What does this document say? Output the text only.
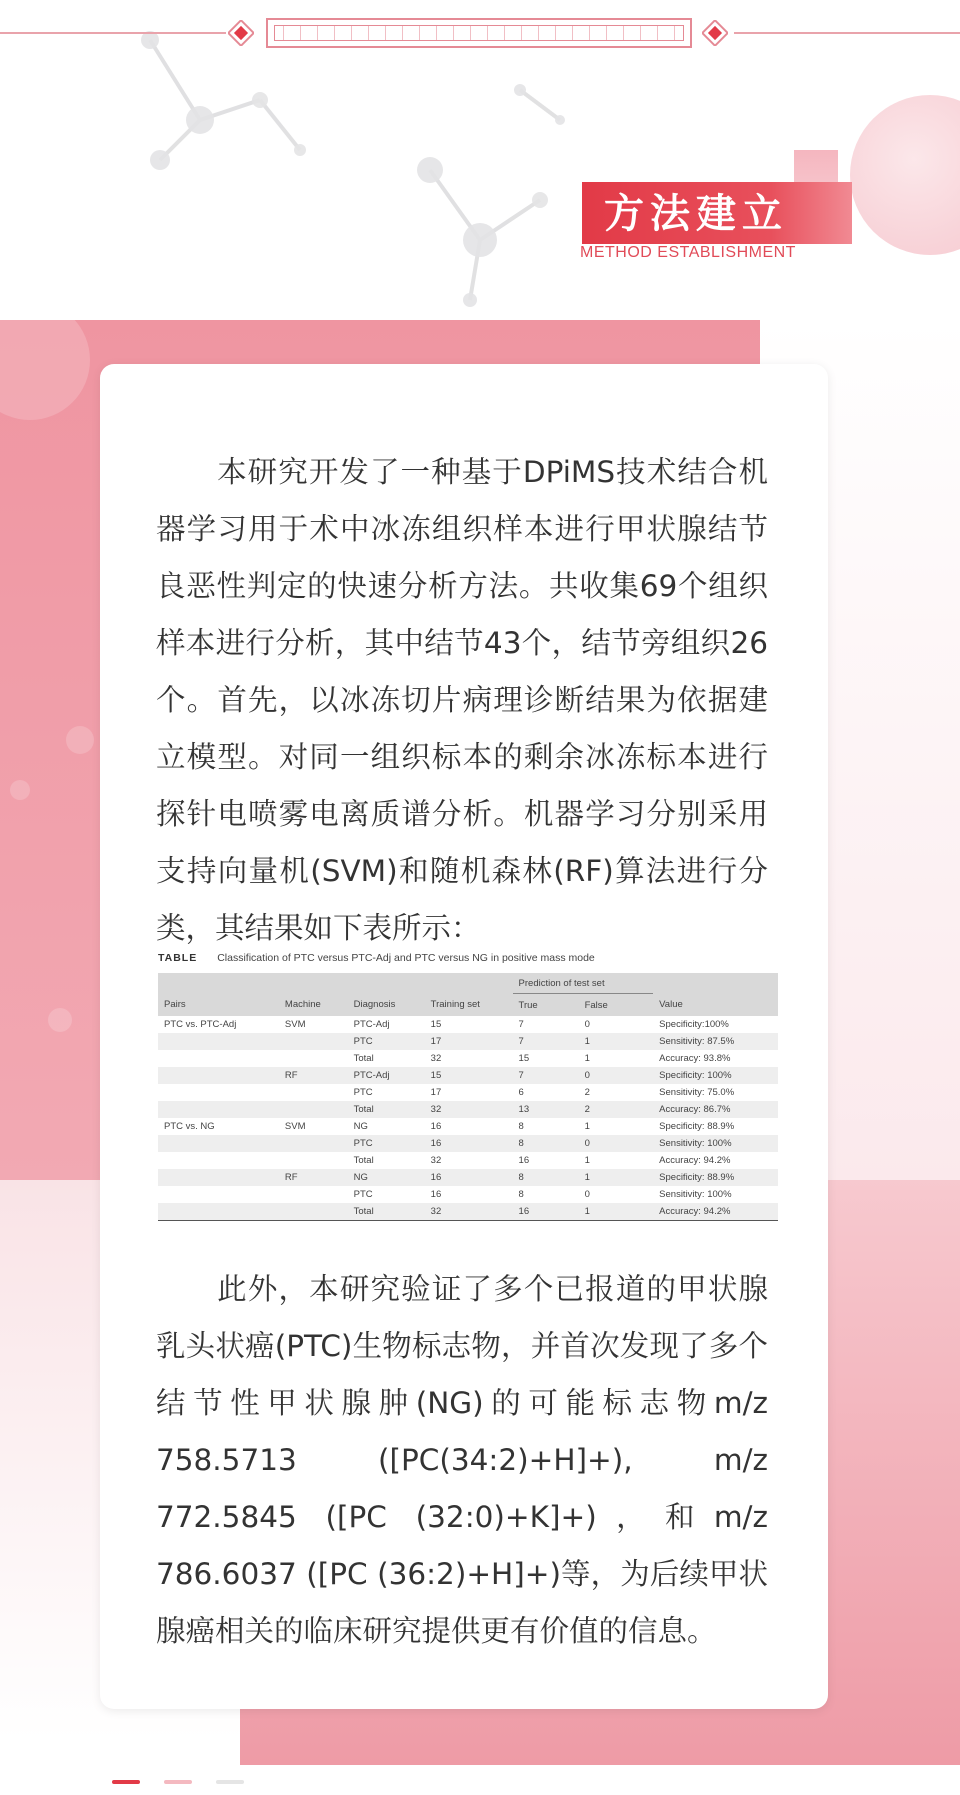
方法建立
METHOD ESTABLISHMENT

本研究开发了一种基于DPiMS技术结合机器学习用于术中冰冻组织样本进行甲状腺结节良恶性判定的快速分析方法。共收集69个组织样本进行分析，其中结节43个，结节旁组织26个。首先，以冰冻切片病理诊断结果为依据建立模型。对同一组织标本的剩余冰冻标本进行探针电喷雾电离质谱分析。机器学习分别采用支持向量机(SVM)和随机森林(RF)算法进行分类，其结果如下表所示：

TABLE Classification of PTC versus PTC-Adj and PTC versus NG in positive mass mode
				Prediction of test set		
Pairs	Machine	Diagnosis	Training set	True	False	Value
PTC vs. PTC-Adj	SVM	PTC-Adj	15	7	0	Specificity:100%
		PTC	17	7	1	Sensitivity: 87.5%
		Total	32	15	1	Accuracy: 93.8%
	RF	PTC-Adj	15	7	0	Specificity: 100%
		PTC	17	6	2	Sensitivity: 75.0%
		Total	32	13	2	Accuracy: 86.7%
PTC vs. NG	SVM	NG	16	8	1	Specificity: 88.9%
		PTC	16	8	0	Sensitivity: 100%
		Total	32	16	1	Accuracy: 94.2%
	RF	NG	16	8	1	Specificity: 88.9%
		PTC	16	8	0	Sensitivity: 100%
		Total	32	16	1	Accuracy: 94.2%

此外，本研究验证了多个已报道的甲状腺乳头状癌(PTC)生物标志物，并首次发现了多个结节性甲状腺肿(NG)的可能标志物m/z 758.5713 ([PC(34:2)+H]+), m/z 772.5845 ([PC (32:0)+K]+)，和m/z 786.6037 ([PC (36:2)+H]+)等，为后续甲状腺癌相关的临床研究提供更有价值的信息。
